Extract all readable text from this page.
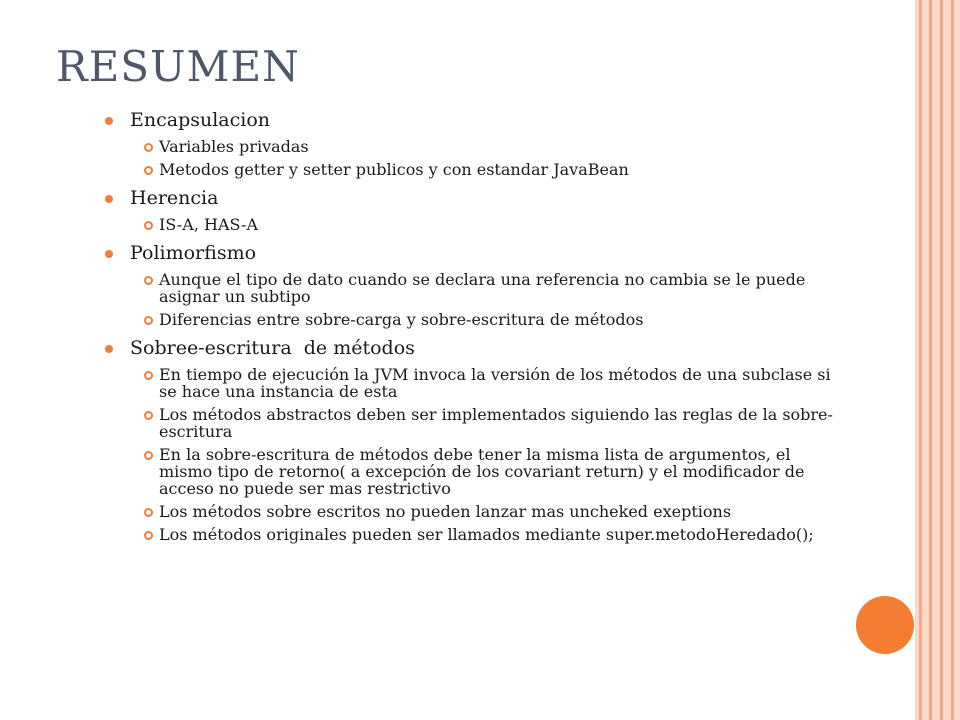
RESUMEN
Encapsulacion
Variables privadas
Metodos getter y setter publicos y con estandar JavaBean
Herencia
IS-A, HAS-A
Polimorfismo
Aunque el tipo de dato cuando se declara una referencia no cambia se le puede asignar un subtipo
Diferencias entre sobre-carga y sobre-escritura de métodos
Sobree-escritura  de métodos
En tiempo de ejecución la JVM invoca la versión de los métodos de una subclase si se hace una instancia de esta
Los métodos abstractos deben ser implementados siguiendo las reglas de la sobre-escritura
En la sobre-escritura de métodos debe tener la misma lista de argumentos, el mismo tipo de retorno( a excepción de los covariant return) y el modificador de acceso no puede ser mas restrictivo
Los métodos sobre escritos no pueden lanzar mas uncheked exeptions
Los métodos originales pueden ser llamados mediante super.metodoHeredado();
